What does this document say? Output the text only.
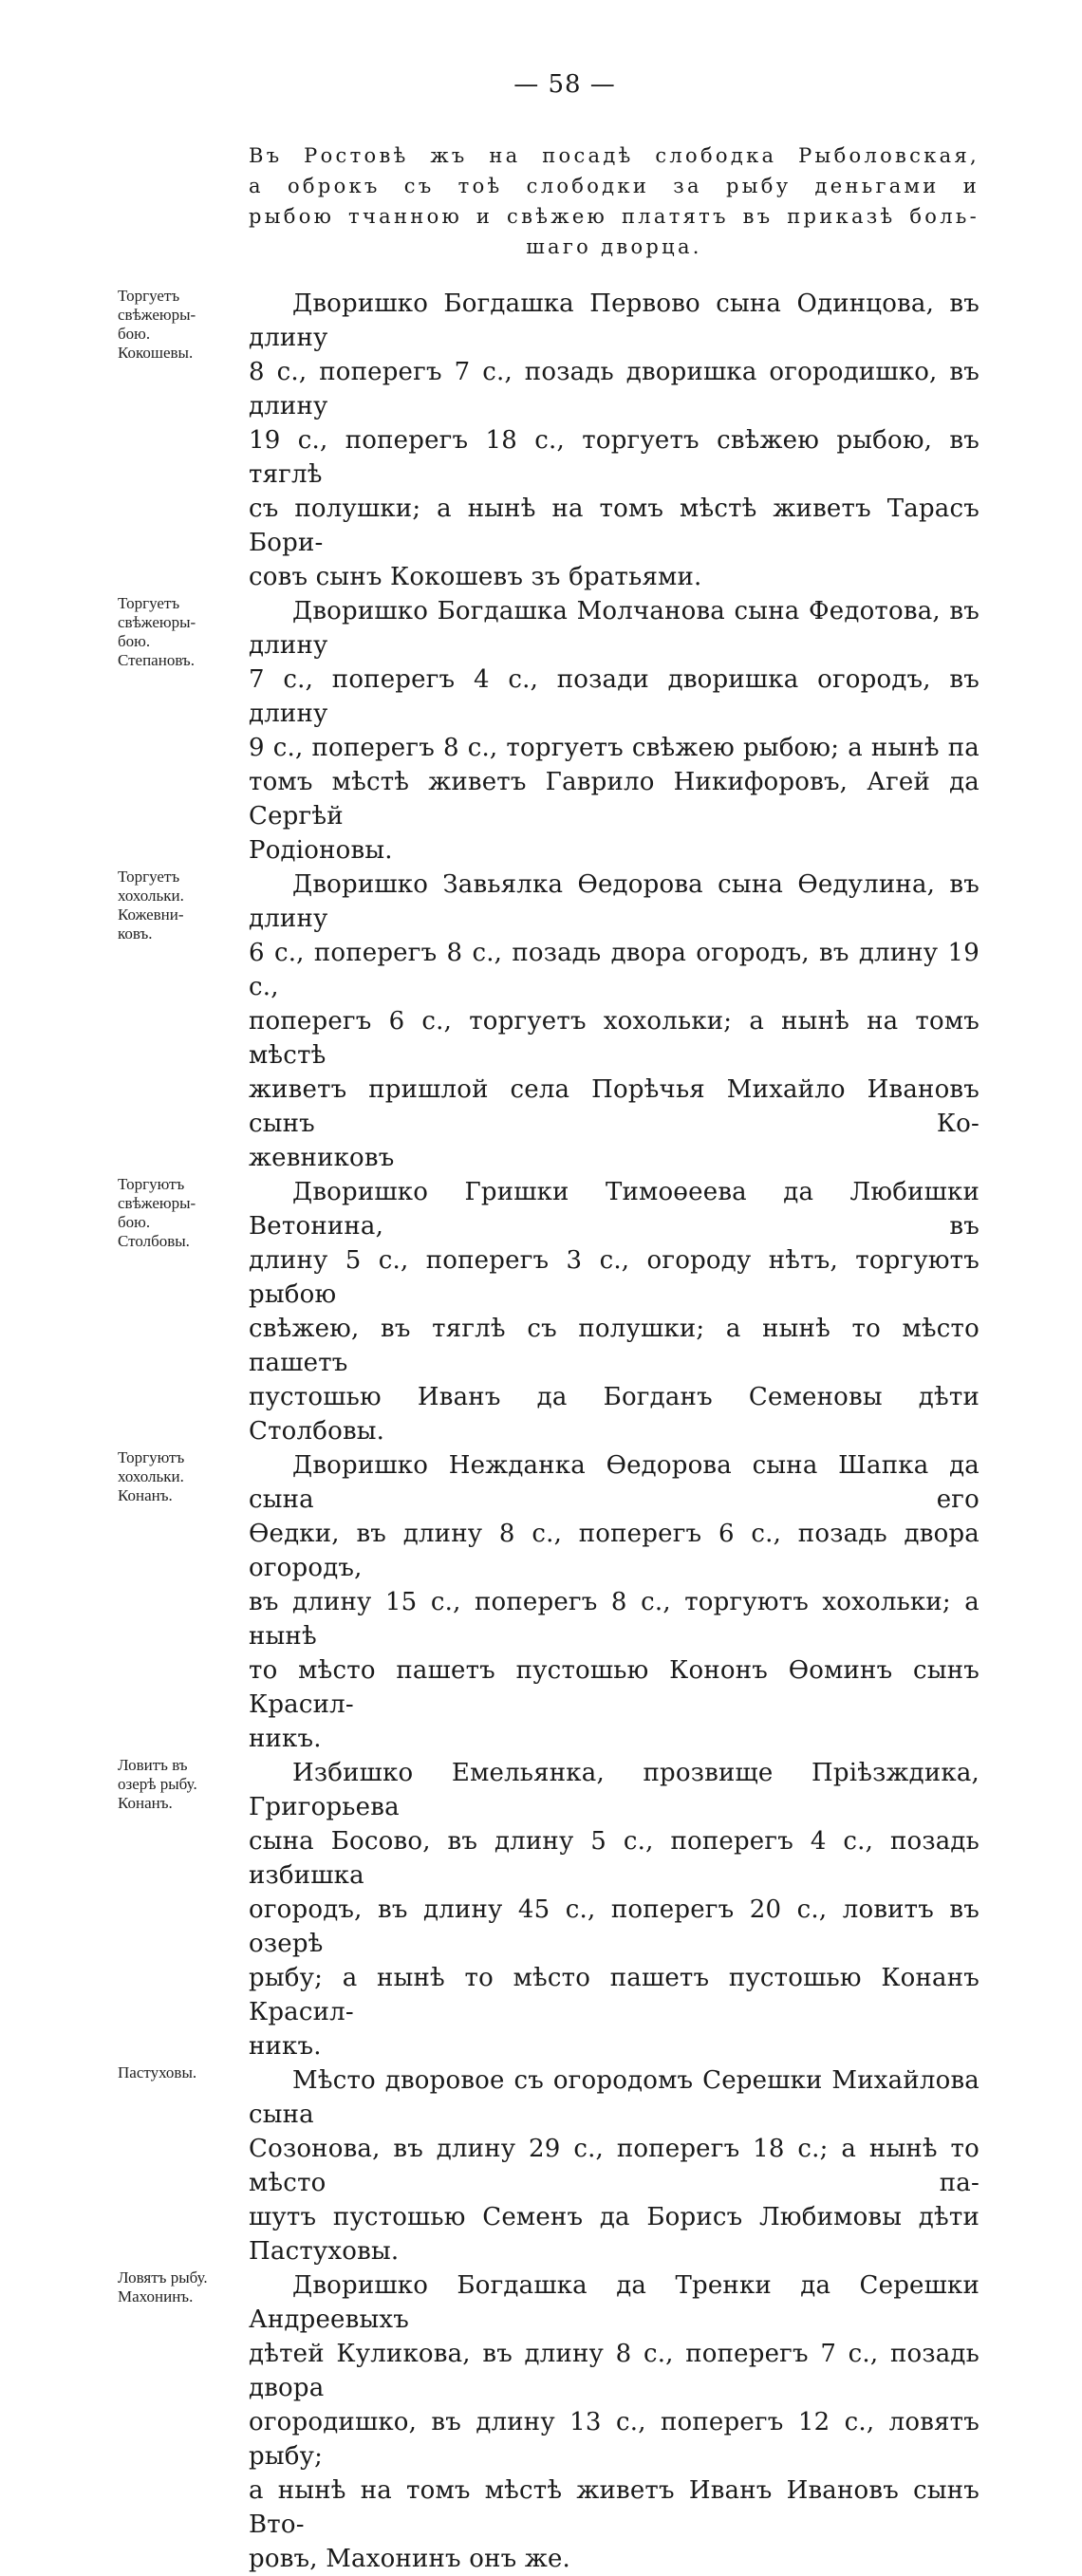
— 58 —
Въ Ростовѣ жъ на посадѣ слободка Рыболовская,
а оброкъ съ тоѣ слободки за рыбу деньгами и
рыбою тчанною и свѣжею платятъ въ приказѣ боль-
шаго дворца.
Торгуетъ
свѣжеюры-
бою.
Кокошевы.
Дворишко Богдашка Первово сына Одинцова, въ длину
8 с., поперегъ 7 с., позадь дворишка огородишко, въ длину
19 с., поперегъ 18 с., торгуетъ свѣжею рыбою, въ тяглѣ
съ полушки; а нынѣ на томъ мѣстѣ живетъ Тарасъ Бори-
совъ сынъ Кокошевъ зъ братьями.
Торгуетъ
свѣжеюры-
бою.
Степановъ.
Дворишко Богдашка Молчанова сына Федотова, въ длину
7 с., поперегъ 4 с., позади дворишка огородъ, въ длину
9 с., поперегъ 8 с., торгуетъ свѣжею рыбою; а нынѣ па
томъ мѣстѣ живетъ Гаврило Никифоровъ, Агей да Сергѣй
Родіоновы.
Торгуетъ
хохольки.
Кожевни-
ковъ.
Дворишко Завьялка Өедорова сына Өедулина, въ длину
6 с., поперегъ 8 с., позадь двора огородъ, въ длину 19 с.,
поперегъ 6 с., торгуетъ хохольки; а нынѣ на томъ мѣстѣ
живетъ пришлой села Порѣчья Михайло Ивановъ сынъ Ко-
жевниковъ
Торгуютъ
свѣжеюры-
бою.
Столбовы.
Дворишко Гришки Тимоөеева да Любишки Ветонина, въ
длину 5 с., поперегъ 3 с., огороду нѣтъ, торгуютъ рыбою
свѣжею, въ тяглѣ съ полушки; а нынѣ то мѣсто пашетъ
пустошью Иванъ да Богданъ Семеновы дѣти Столбовы.
Торгуютъ
хохольки.
Конанъ.
Дворишко Нежданка Өедорова сына Шапка да сына его
Өедки, въ длину 8 с., поперегъ 6 с., позадь двора огородъ,
въ длину 15 с., поперегъ 8 с., торгуютъ хохольки; а нынѣ
то мѣсто пашетъ пустошью Кононъ Өоминъ сынъ Красил-
никъ.
Ловитъ въ
озерѣ рыбу.
Конанъ.
Избишко Емельянка, прозвище Пріѣзждика, Григорьева
сына Босово, въ длину 5 с., поперегъ 4 с., позадь избишка
огородъ, въ длину 45 с., поперегъ 20 с., ловитъ въ озерѣ
рыбу; а нынѣ то мѣсто пашетъ пустошью Конанъ Красил-
никъ.
Пастуховы.	Мѣсто дворовое съ огородомъ Серешки Михайлова сына
Созонова, въ длину 29 с., поперегъ 18 с.; а нынѣ то мѣсто па-
шутъ пустошью Семенъ да Борисъ Любимовы дѣти Пастуховы.
Ловятъ рыбу.
Махонинъ.	Дворишко Богдашка да Тренки да Серешки Андреевыхъ
дѣтей Куликова, въ длину 8 с., поперегъ 7 с., позадь двора
огородишко, въ длину 13 с., поперегъ 12 с., ловятъ рыбу;
а нынѣ на томъ мѣстѣ живетъ Иванъ Ивановъ сынъ Вто-
ровъ, Махонинъ онъ же.
